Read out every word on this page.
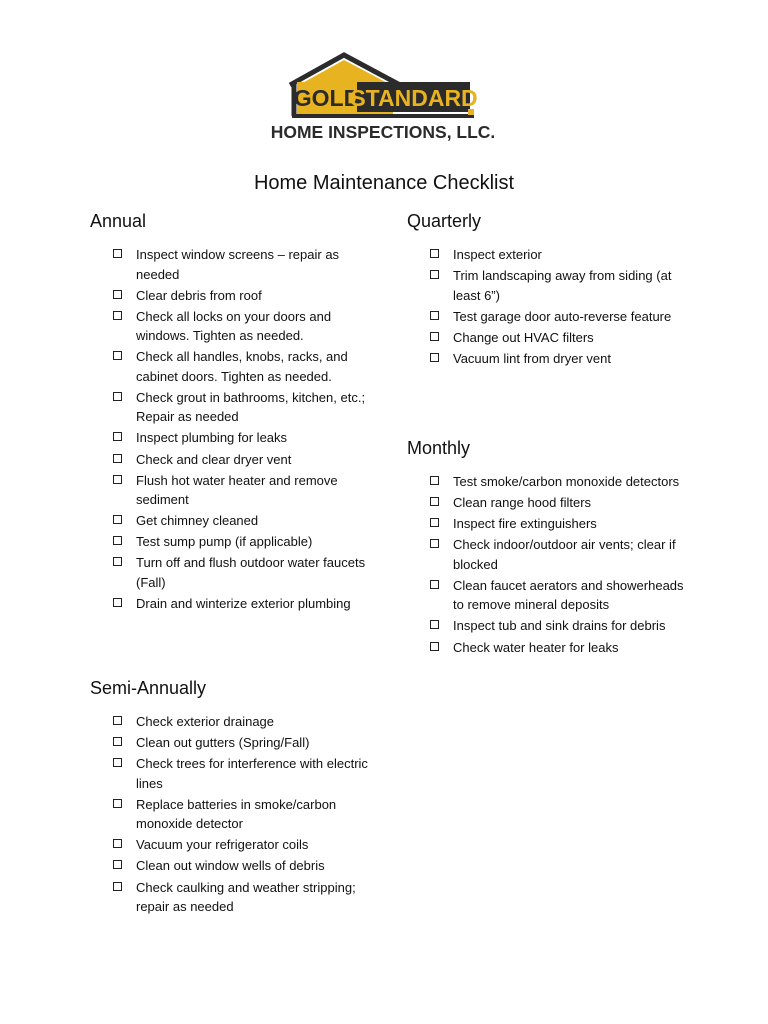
GOLD
STANDARD
HOME INSPECTIONS, LLC.
Home Maintenance Checklist
Annual
Inspect window screens – repair as needed
Clear debris from roof
Check all locks on your doors and windows. Tighten as needed.
Check all handles, knobs, racks, and cabinet doors. Tighten as needed.
Check grout in bathrooms, kitchen, etc.; Repair as needed
Inspect plumbing for leaks
Check and clear dryer vent
Flush hot water heater and remove sediment
Get chimney cleaned
Test sump pump (if applicable)
Turn off and flush outdoor water faucets (Fall)
Drain and winterize exterior plumbing
Semi-Annually
Check exterior drainage
Clean out gutters (Spring/Fall)
Check trees for interference with electric lines
Replace batteries in smoke/carbon monoxide detector
Vacuum your refrigerator coils
Clean out window wells of debris
Check caulking and weather stripping; repair as needed
Quarterly
Inspect exterior
Trim landscaping away from siding (at least 6”)
Test garage door auto-reverse feature
Change out HVAC filters
Vacuum lint from dryer vent
Monthly
Test smoke/carbon monoxide detectors
Clean range hood filters
Inspect fire extinguishers
Check indoor/outdoor air vents; clear if blocked
Clean faucet aerators and showerheads to remove mineral deposits
Inspect tub and sink drains for debris
Check water heater for leaks
